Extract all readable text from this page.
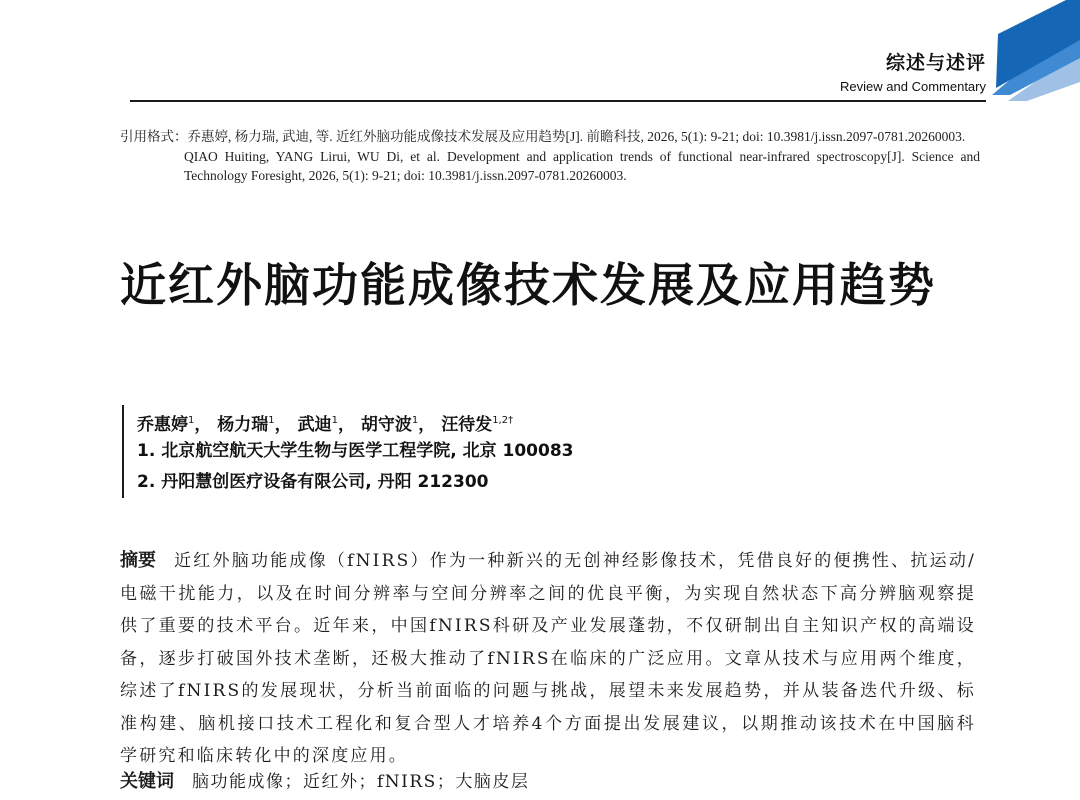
综述与述评
Review and Commentary
引用格式： 乔惠婷, 杨力瑞, 武迪, 等. 近红外脑功能成像技术发展及应用趋势[J]. 前瞻科技, 2026, 5(1): 9-21; doi: 10.3981/j.issn.2097-0781.20260003.
QIAO Huiting, YANG Lirui, WU Di, et al. Development and application trends of functional near-infrared spectroscopy[J]. Science and Technology Foresight, 2026, 5(1): 9-21; doi: 10.3981/j.issn.2097-0781.20260003.
近红外脑功能成像技术发展及应用趋势
乔惠婷$^1$， 杨力瑞$^1$， 武迪$^1$， 胡守波$^1$， 汪待发$^{1,2\dagger}$
1. 北京航空航天大学生物与医学工程学院, 北京 100083
2. 丹阳慧创医疗设备有限公司, 丹阳 212300
摘要 近红外脑功能成像（fNIRS）作为一种新兴的无创神经影像技术，凭借良好的便携性、抗运动/电磁干扰能力，以及在时间分辨率与空间分辨率之间的优良平衡，为实现自然状态下高分辨脑观察提供了重要的技术平台。近年来，中国fNIRS科研及产业发展蓬勃，不仅研制出自主知识产权的高端设备，逐步打破国外技术垄断，还极大推动了fNIRS在临床的广泛应用。文章从技术与应用两个维度，综述了fNIRS的发展现状，分析当前面临的问题与挑战，展望未来发展趋势，并从装备迭代升级、标准构建、脑机接口技术工程化和复合型人才培养4个方面提出发展建议，以期推动该技术在中国脑科学研究和临床转化中的深度应用。
关键词 脑功能成像；近红外；fNIRS；大脑皮层
